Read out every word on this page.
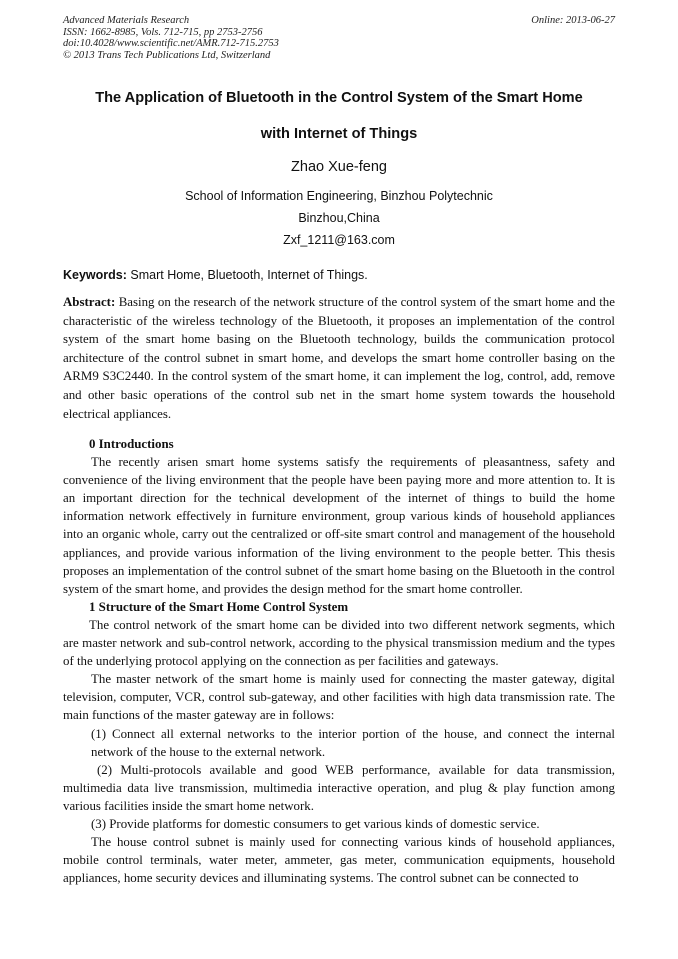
Advanced Materials Research
ISSN: 1662-8985, Vols. 712-715, pp 2753-2756
doi:10.4028/www.scientific.net/AMR.712-715.2753
© 2013 Trans Tech Publications Ltd, Switzerland
Online: 2013-06-27
The Application of Bluetooth in the Control System of the Smart Home
with Internet of Things
Zhao Xue-feng
School of Information Engineering, Binzhou Polytechnic
Binzhou,China
Zxf_1211@163.com
Keywords: Smart Home, Bluetooth, Internet of Things.
Abstract: Basing on the research of the network structure of the control system of the smart home and the characteristic of the wireless technology of the Bluetooth, it proposes an implementation of the control system of the smart home basing on the Bluetooth technology, builds the communication protocol architecture of the control subnet in smart home, and develops the smart home controller basing on the ARM9 S3C2440. In the control system of the smart home, it can implement the log, control, add, remove and other basic operations of the control sub net in the smart home system towards the household electrical appliances.

0 Introductions

The recently arisen smart home systems satisfy the requirements of pleasantness, safety and convenience of the living environment that the people have been paying more and more attention to. It is an important direction for the technical development of the internet of things to build the home information network effectively in furniture environment, group various kinds of household appliances into an organic whole, carry out the centralized or off-site smart control and management of the household appliances, and provide various information of the living environment to the people better. This thesis proposes an implementation of the control subnet of the smart home basing on the Bluetooth in the control system of the smart home, and provides the design method for the smart home controller.

1 Structure of the Smart Home Control System

The control network of the smart home can be divided into two different network segments, which are master network and sub-control network, according to the physical transmission medium and the types of the underlying protocol applying on the connection as per facilities and gateways.

The master network of the smart home is mainly used for connecting the master gateway, digital television, computer, VCR, control sub-gateway, and other facilities with high data transmission rate. The main functions of the master gateway are in follows:

(1) Connect all external networks to the interior portion of the house, and connect the internal network of the house to the external network.

(2) Multi-protocols available and good WEB performance, available for data transmission, multimedia data live transmission, multimedia interactive operation, and plug & play function among various facilities inside the smart home network.

(3) Provide platforms for domestic consumers to get various kinds of domestic service.

The house control subnet is mainly used for connecting various kinds of household appliances, mobile control terminals, water meter, ammeter, gas meter, communication equipments, household appliances, home security devices and illuminating systems. The control subnet can be connected to
